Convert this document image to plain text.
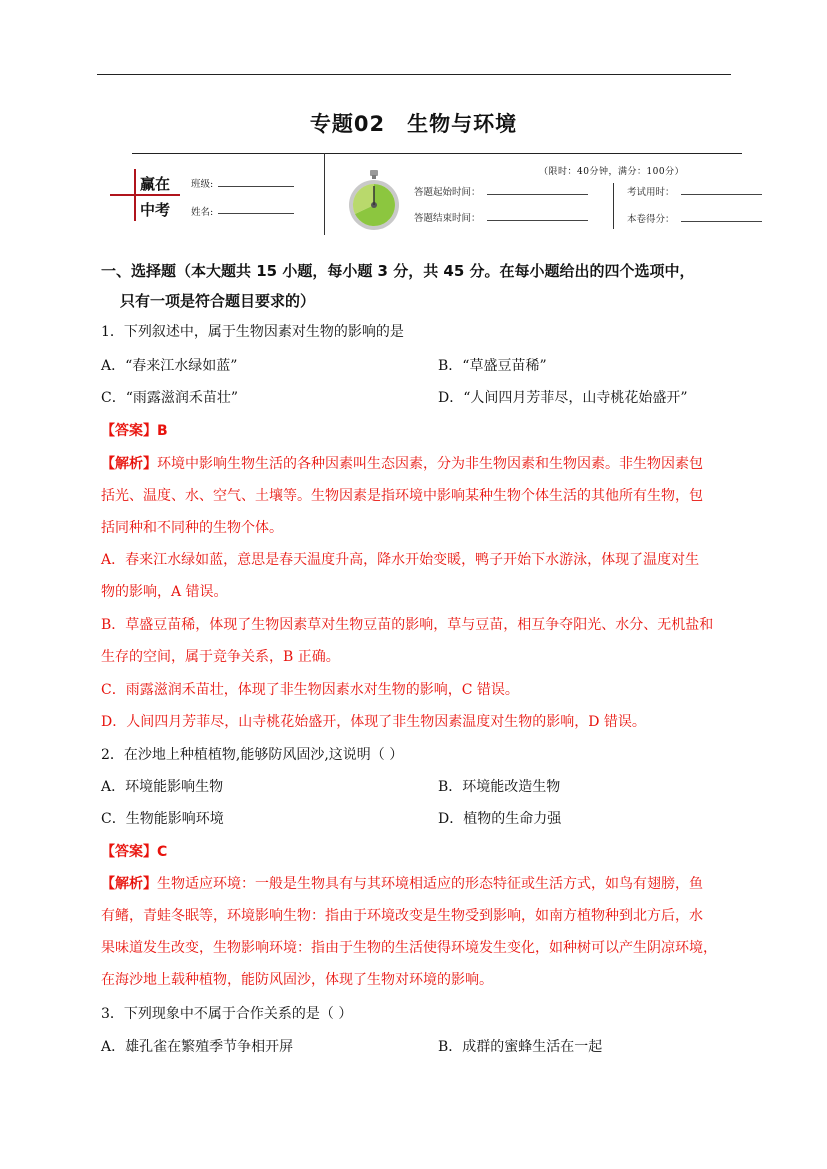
专题02 生物与环境
赢在
中考
班级:
姓名:
（限时：40分钟，满分：100分）
答题起始时间：
答题结束时间：
考试用时：
本卷得分：
一、选择题（本大题共 15 小题，每小题 3 分，共 45 分。在每小题给出的四个选项中，
只有一项是符合题目要求的）
1．下列叙述中，属于生物因素对生物的影响的是
A．“春来江水绿如蓝”	B．“草盛豆苗稀”
C．“雨露滋润禾苗壮”	D．“人间四月芳菲尽，山寺桃花始盛开”
【答案】B
【解析】环境中影响生物生活的各种因素叫生态因素，分为非生物因素和生物因素。非生物因素包
括光、温度、水、空气、土壤等。生物因素是指环境中影响某种生物个体生活的其他所有生物，包
括同种和不同种的生物个体。
A．春来江水绿如蓝，意思是春天温度升高，降水开始变暖，鸭子开始下水游泳，体现了温度对生
物的影响，A 错误。
B．草盛豆苗稀，体现了生物因素草对生物豆苗的影响，草与豆苗，相互争夺阳光、水分、无机盐和
生存的空间，属于竞争关系，B 正确。
C．雨露滋润禾苗壮，体现了非生物因素水对生物的影响，C 错误。
D．人间四月芳菲尽，山寺桃花始盛开，体现了非生物因素温度对生物的影响，D 错误。
2．在沙地上种植植物,能够防风固沙,这说明（ ）
A．环境能影响生物	B．环境能改造生物
C．生物能影响环境	D．植物的生命力强
【答案】C
【解析】生物适应环境：一般是生物具有与其环境相适应的形态特征或生活方式，如鸟有翅膀，鱼
有鳍，青蛙冬眠等，环境影响生物：指由于环境改变是生物受到影响，如南方植物种到北方后，水
果味道发生改变，生物影响环境：指由于生物的生活使得环境发生变化，如种树可以产生阴凉环境，
在海沙地上载种植物，能防风固沙，体现了生物对环境的影响。
3．下列现象中不属于合作关系的是（ ）
A．雄孔雀在繁殖季节争相开屏	B．成群的蜜蜂生活在一起
